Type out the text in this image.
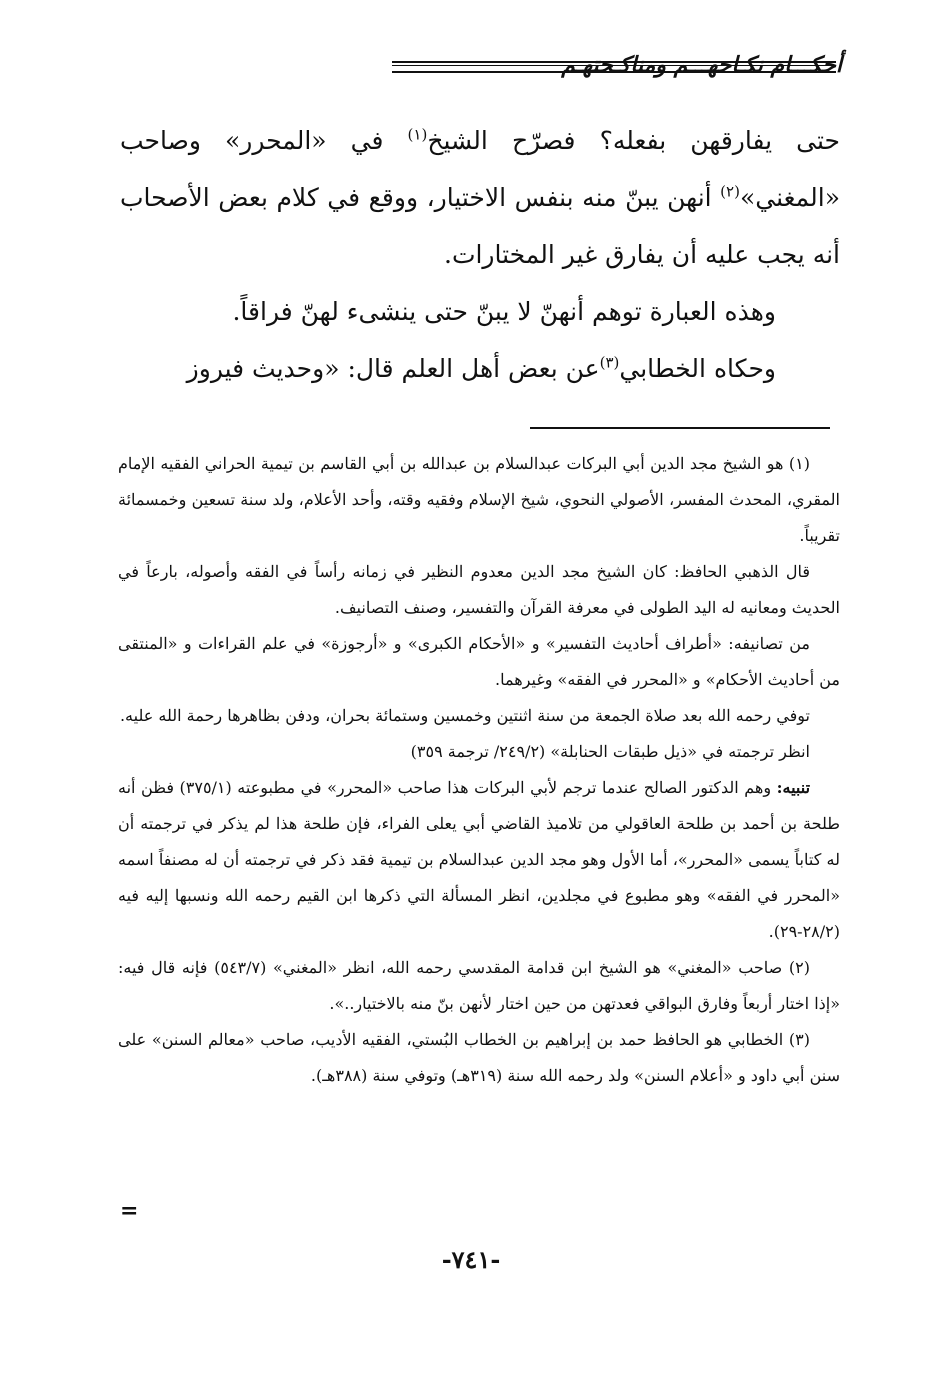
أحكـــام نكـاحهـــم ومناكـحتهـم

حتى يفارقهن بفعله؟ فصرّح الشيخ$^{(١)}$ في «المحرر» وصاحب «المغني»$^{(٢)}$ أنهن يبنّ منه بنفس الاختيار، ووقع في كلام بعض الأصحاب أنه يجب عليه أن يفارق غير المختارات.

وهذه العبارة توهم أنهنّ لا يبنّ حتى ينشىء لهنّ فراقاً.

وحكاه الخطابي$^{(٣)}$عن بعض أهل العلم قال: «وحديث فيروز

(١) هو الشيخ مجد الدين أبي البركات عبدالسلام بن عبدالله بن أبي القاسم بن تيمية الحراني الفقيه الإمام المقري، المحدث المفسر، الأصولي النحوي، شيخ الإسلام وفقيه وقته، وأحد الأعلام، ولد سنة تسعين وخمسمائة تقريباً.

قال الذهبي الحافظ: كان الشيخ مجد الدين معدوم النظير في زمانه رأساً في الفقه وأصوله، بارعاً في الحديث ومعانيه له اليد الطولى في معرفة القرآن والتفسير، وصنف التصانيف.

من تصانيفه: «أطراف أحاديث التفسير» و «الأحكام الكبرى» و «أرجوزة» في علم القراءات و «المنتقى من أحاديث الأحكام» و «المحرر في الفقه» وغيرهما.

توفي رحمه الله بعد صلاة الجمعة من سنة اثنتين وخمسين وستمائة بحران، ودفن بظاهرها رحمة الله عليه.

انظر ترجمته في «ذيل طبقات الحنابلة» (٢٤٩/٢/ ترجمة ٣٥٩)

تنبيه: وهم الدكتور الصالح عندما ترجم لأبي البركات هذا صاحب «المحرر» في مطبوعته (٣٧٥/١) فظن أنه طلحة بن أحمد بن طلحة العاقولي من تلاميذ القاضي أبي يعلى الفراء، فإن طلحة هذا لم يذكر في ترجمته أن له كتاباً يسمى «المحرر»، أما الأول وهو مجد الدين عبدالسلام بن تيمية فقد ذكر في ترجمته أن له مصنفاً اسمه «المحرر في الفقه» وهو مطبوع في مجلدين، انظر المسألة التي ذكرها ابن القيم رحمه الله ونسبها إليه فيه (٢٨/٢-٢٩).

(٢) صاحب «المغني» هو الشيخ ابن قدامة المقدسي رحمه الله، انظر «المغني» (٥٤٣/٧) فإنه قال فيه: «إذا اختار أربعاً وفارق البواقي فعدتهن من حين اختار لأنهن بنّ منه بالاختيار..».

(٣) الخطابي هو الحافظ حمد بن إبراهيم بن الخطاب البُستي، الفقيه الأديب، صاحب «معالم السنن» على سنن أبي داود و «أعلام السنن» ولد رحمه الله سنة (٣١٩هـ) وتوفي سنة (٣٨٨هـ).

=
-٧٤١-
